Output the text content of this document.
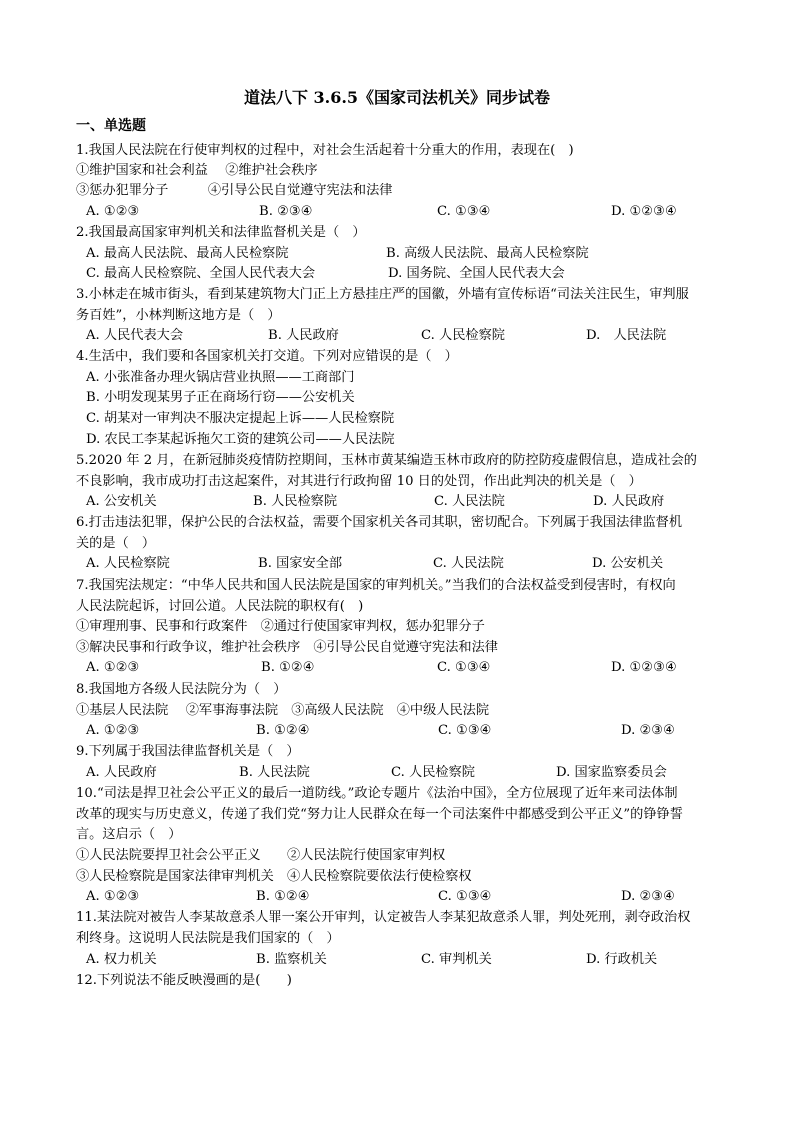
道法八下 3.6.5《国家司法机关》同步试卷
一、单选题
1.我国人民法院在行使审判权的过程中，对社会生活起着十分重大的作用，表现在(　)
①维护国家和社会利益　 ②维护社会秩序
③惩办犯罪分子　　　④引导公民自觉遵守宪法和法律
A. ①②③	B. ②③④	C. ①③④	D. ①②③④
2.我国最高国家审判机关和法律监督机关是（　）
A. 最高人民法院、最高人民检察院	B. 高级人民法院、最高人民检察院
C. 最高人民检察院、全国人民代表大会	D. 国务院、全国人民代表大会
3.小林走在城市街头，看到某建筑物大门正上方悬挂庄严的国徽，外墙有宣传标语“司法关注民生，审判服
务百姓”，小林判断这地方是（　）
A. 人民代表大会	B. 人民政府	C. 人民检察院	D.　人民法院
4.生活中，我们要和各国家机关打交道。下列对应错误的是（　）
A. 小张准备办理火锅店营业执照——工商部门
B. 小明发现某男子正在商场行窃——公安机关
C. 胡某对一审判决不服决定提起上诉——人民检察院
D. 农民工李某起诉拖欠工资的建筑公司——人民法院
5.2020 年 2 月，在新冠肺炎疫情防控期间，玉林市黄某编造玉林市政府的防控防疫虚假信息，造成社会的
不良影响，我市成功打击这起案件，对其进行行政拘留 10 日的处罚，作出此判决的机关是（　）
A. 公安机关	B. 人民检察院	C. 人民法院	D. 人民政府
6.打击违法犯罪，保护公民的合法权益，需要个国家机关各司其职，密切配合。下列属于我国法律监督机
关的是（　）
A. 人民检察院	B. 国家安全部	C. 人民法院	D. 公安机关
7.我国宪法规定：“中华人民共和国人民法院是国家的审判机关。”当我们的合法权益受到侵害时，有权向
人民法院起诉，讨回公道。人民法院的职权有(　)
①审理刑事、民事和行政案件　②通过行使国家审判权，惩办犯罪分子
③解决民事和行政争议，维护社会秩序　④引导公民自觉遵守宪法和法律
A. ①②③	B. ①②④	C. ①③④	D. ①②③④
8.我国地方各级人民法院分为（　）
①基层人民法院　 ②军事海事法院　③高级人民法院　④中级人民法院
A. ①②③	B. ①②④	C. ①③④	D. ②③④
9.下列属于我国法律监督机关是（　）
A. 人民政府	B. 人民法院	C. 人民检察院	D. 国家监察委员会
10.“司法是捍卫社会公平正义的最后一道防线。”政论专题片《法治中国》，全方位展现了近年来司法体制
改革的现实与历史意义，传递了我们党“努力让人民群众在每一个司法案件中都感受到公平正义”的铮铮誓
言。这启示（　）
①人民法院要捍卫社会公平正义　　②人民法院行使国家审判权
③人民检察院是国家法律审判机关　④人民检察院要依法行使检察权
A. ①②③	B. ①②④	C. ①③④	D. ②③④
11.某法院对被告人李某故意杀人罪一案公开审判，认定被告人李某犯故意杀人罪，判处死刑，剥夺政治权
利终身。这说明人民法院是我们国家的（　）
A. 权力机关	B. 监察机关	C. 审判机关	D. 行政机关
12.下列说法不能反映漫画的是(　　)
